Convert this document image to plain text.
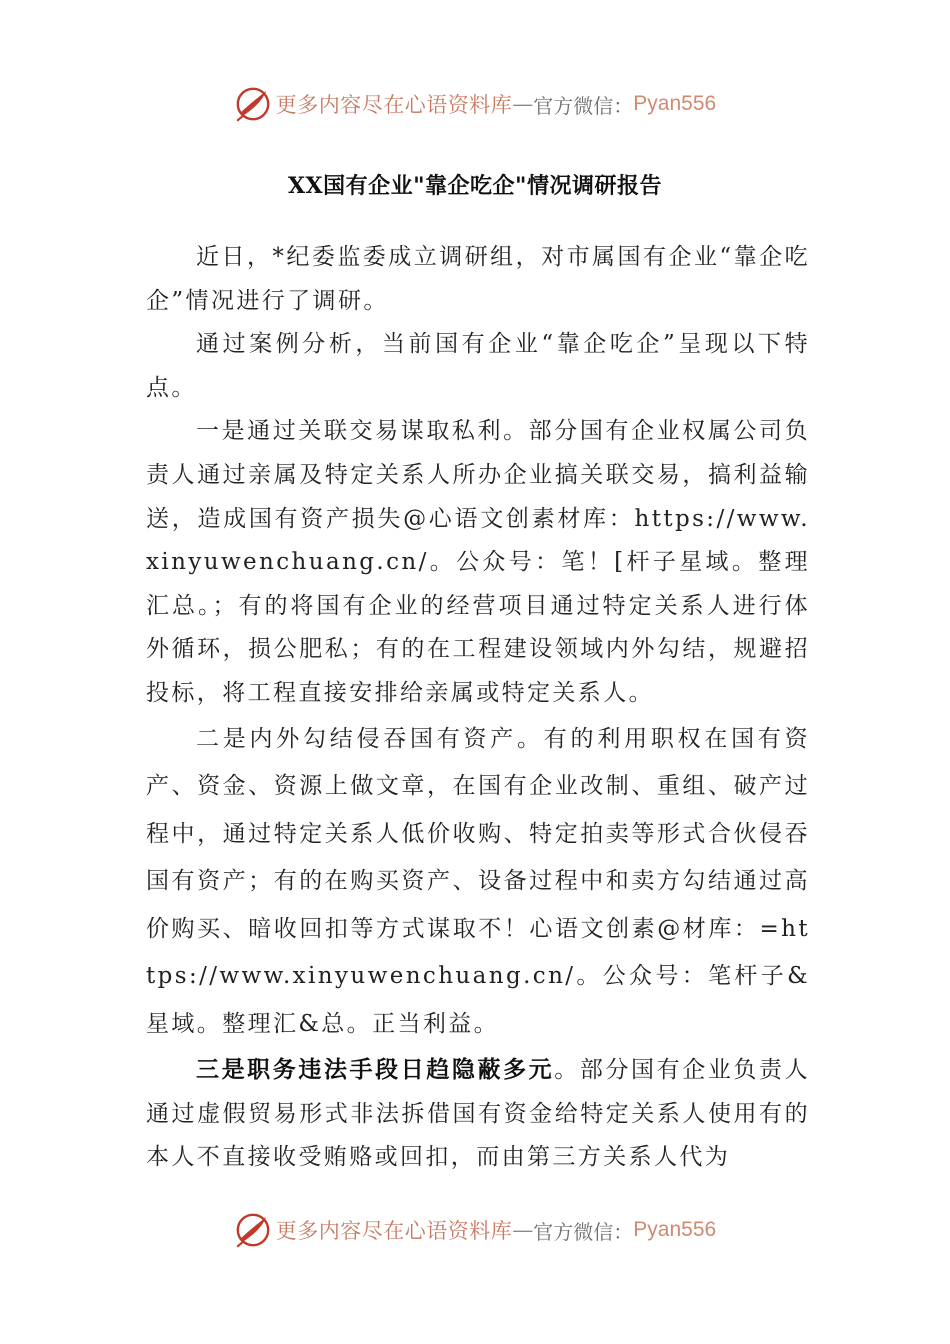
更多内容尽在心语资料库 — 官方微信： Pyan556
XX国有企业"靠企吃企"情况调研报告

近日，*纪委监委成立调研组，对市属国有企业“靠企吃企”情况进行了调研。

通过案例分析，当前国有企业“靠企吃企”呈现以下特点。

一是通过关联交易谋取私利。部分国有企业权属公司负责人通过亲属及特定关系人所办企业搞关联交易，搞利益输送，造成国有资产损失@心语文创素材库：https://www.xinyuwenchuang.cn/。公众号：笔！[杆子星域。整理汇总。；有的将国有企业的经营项目通过特定关系人进行体外循环，损公肥私；有的在工程建设领域内外勾结，规避招投标，将工程直接安排给亲属或特定关系人。

二是内外勾结侵吞国有资产。有的利用职权在国有资产、资金、资源上做文章，在国有企业改制、重组、破产过程中，通过特定关系人低价收购、特定拍卖等形式合伙侵吞国有资产；有的在购买资产、设备过程中和卖方勾结通过高价购买、暗收回扣等方式谋取不！心语文创素@材库：=https://www.xinyuwenchuang.cn/。公众号：笔杆子&星域。整理汇&总。正当利益。

三是职务违法手段日趋隐蔽多元。部分国有企业负责人通过虚假贸易形式非法拆借国有资金给特定关系人使用有的本人不直接收受贿赂或回扣，而由第三方关系人代为

更多内容尽在心语资料库 — 官方微信： Pyan556
